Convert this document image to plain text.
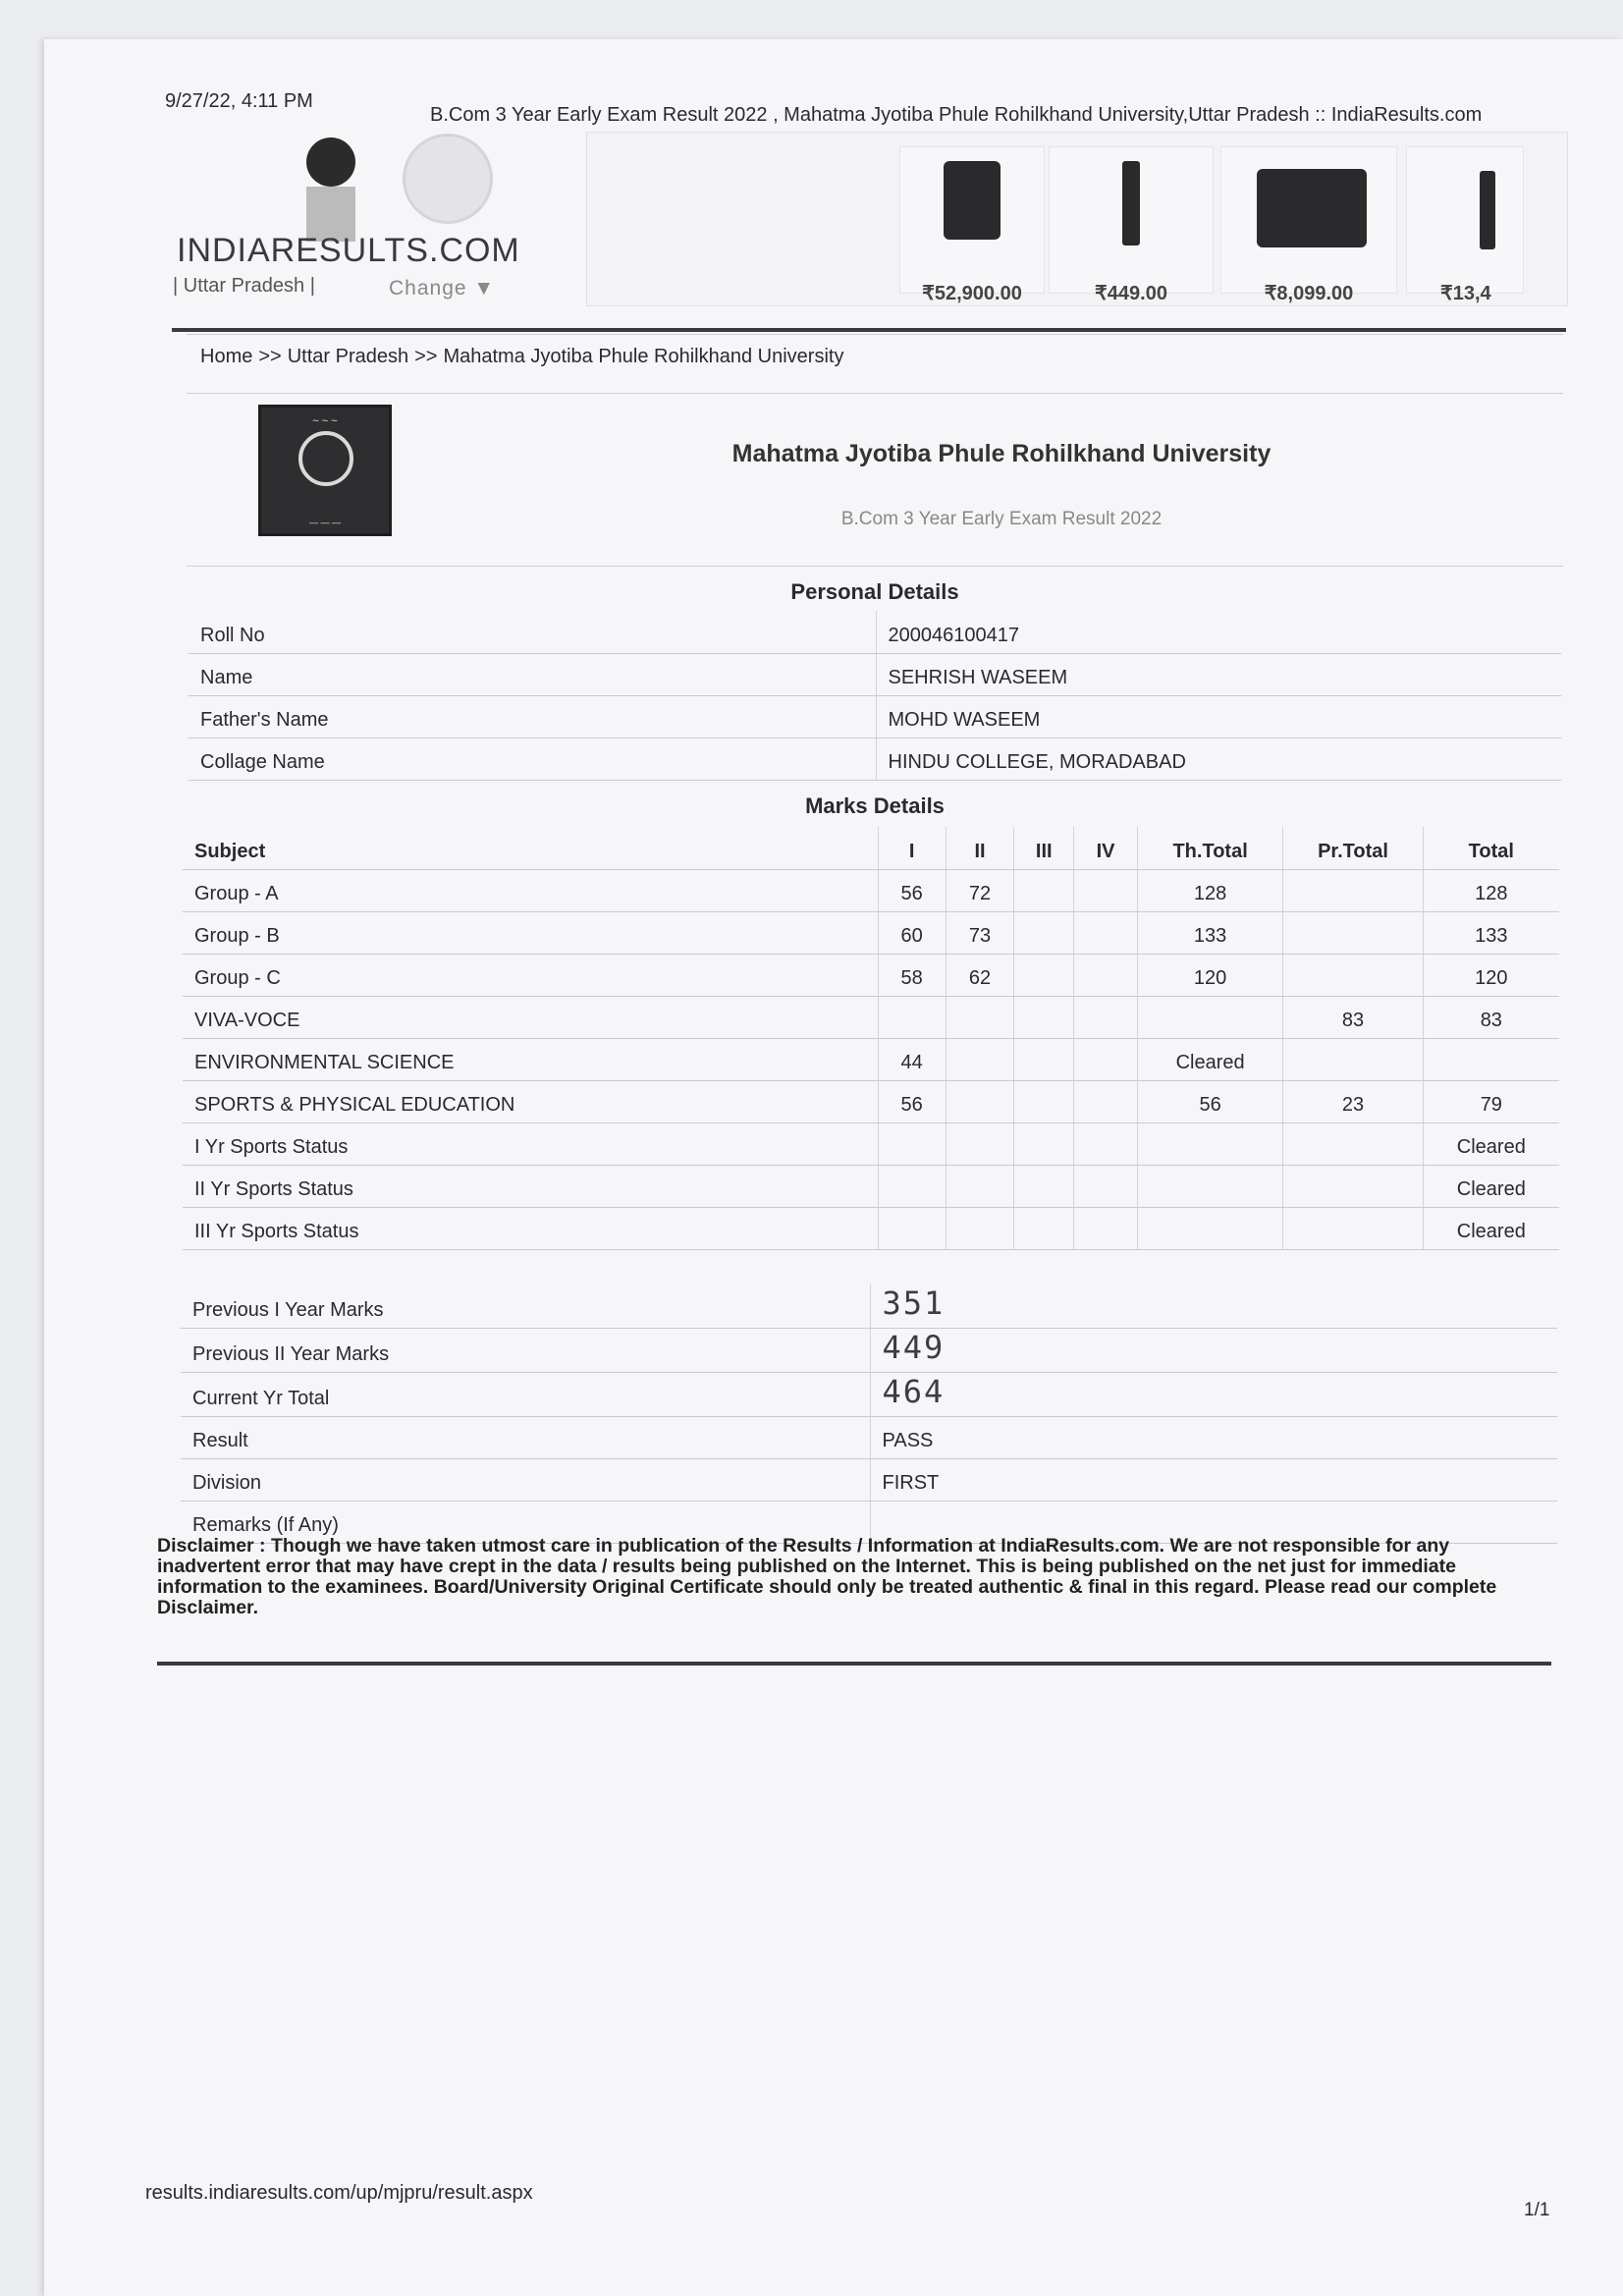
9/27/22, 4:11 PM
B.Com 3 Year Early Exam Result 2022 , Mahatma Jyotiba Phule Rohilkhand University,Uttar Pradesh :: IndiaResults.com
INDIARESULTS.COM
| Uttar Pradesh |	Change ▼	₹52,900.00	₹449.00	₹8,099.00	₹13,4
Home >> Uttar Pradesh >> Mahatma Jyotiba Phule Rohilkhand University
~ ~ ~
— — —
Mahatma Jyotiba Phule Rohilkhand University
B.Com 3 Year Early Exam Result 2022
Personal Details
Roll No	200046100417
Name	SEHRISH WASEEM
Father's Name	MOHD WASEEM
Collage Name	HINDU COLLEGE, MORADABAD
Marks Details
Subject	I	II	III	IV	Th.Total	Pr.Total	Total
Group - A	56	72			128		128
Group - B	60	73			133		133
Group - C	58	62			120		120
VIVA-VOCE						83	83
ENVIRONMENTAL SCIENCE	44				Cleared		
SPORTS & PHYSICAL EDUCATION	56				56	23	79
I Yr Sports Status							Cleared
II Yr Sports Status							Cleared
III Yr Sports Status							Cleared
Previous I Year Marks	351
Previous II Year Marks	449
Current Yr Total	464
Result	PASS
Division	FIRST
Remarks (If Any)	
Disclaimer : Though we have taken utmost care in publication of the Results / Information at IndiaResults.com. We are not responsible for any inadvertent error that may have crept in the data / results being published on the Internet. This is being published on the net just for immediate information to the examinees. Board/University Original Certificate should only be treated authentic & final in this regard. Please read our complete Disclaimer.
results.indiaresults.com/up/mjpru/result.aspx
1/1
